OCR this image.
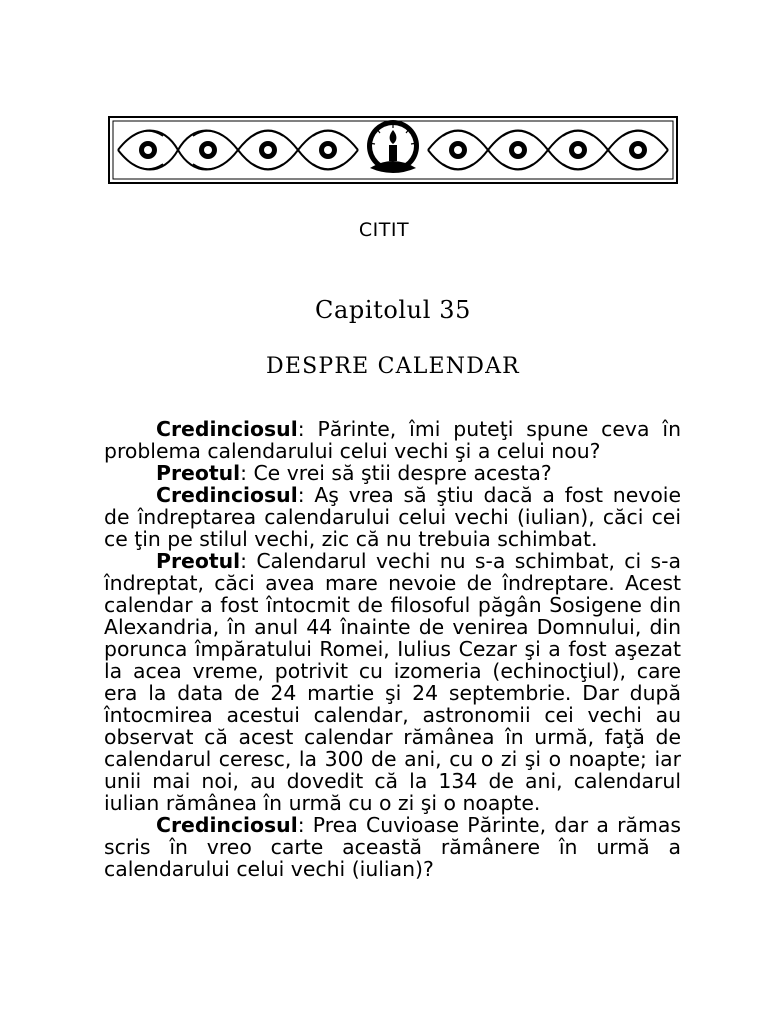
CITIT
Capitolul 35
DESPRE CALENDAR

Credinciosul: Părinte, îmi puteţi spune ceva în problema calendarului celui vechi şi a celui nou?

Preotul: Ce vrei să ştii despre acesta?

Credinciosul: Aş vrea să ştiu dacă a fost nevoie de îndreptarea calendarului celui vechi (iulian), căci cei ce ţin pe stilul vechi, zic că nu trebuia schimbat.

Preotul: Calendarul vechi nu s-a schimbat, ci s-a îndreptat, căci avea mare nevoie de îndreptare. Acest calendar a fost întocmit de filosoful păgân Sosigene din Alexandria, în anul 44 înainte de venirea Domnului, din porunca împăratului Romei, Iulius Cezar şi a fost aşezat la acea vreme, potrivit cu izomeria (echinocţiul), care era la data de 24 martie şi 24 septembrie. Dar după întocmirea acestui calendar, astronomii cei vechi au observat că acest calendar rămânea în urmă, faţă de calendarul ceresc, la 300 de ani, cu o zi şi o noapte; iar unii mai noi, au dovedit că la 134 de ani, calendarul iulian rămânea în urmă cu o zi şi o noapte.

Credinciosul: Prea Cuvioase Părinte, dar a rămas scris în vreo carte această rămânere în urmă a calendarului celui vechi (iulian)?
